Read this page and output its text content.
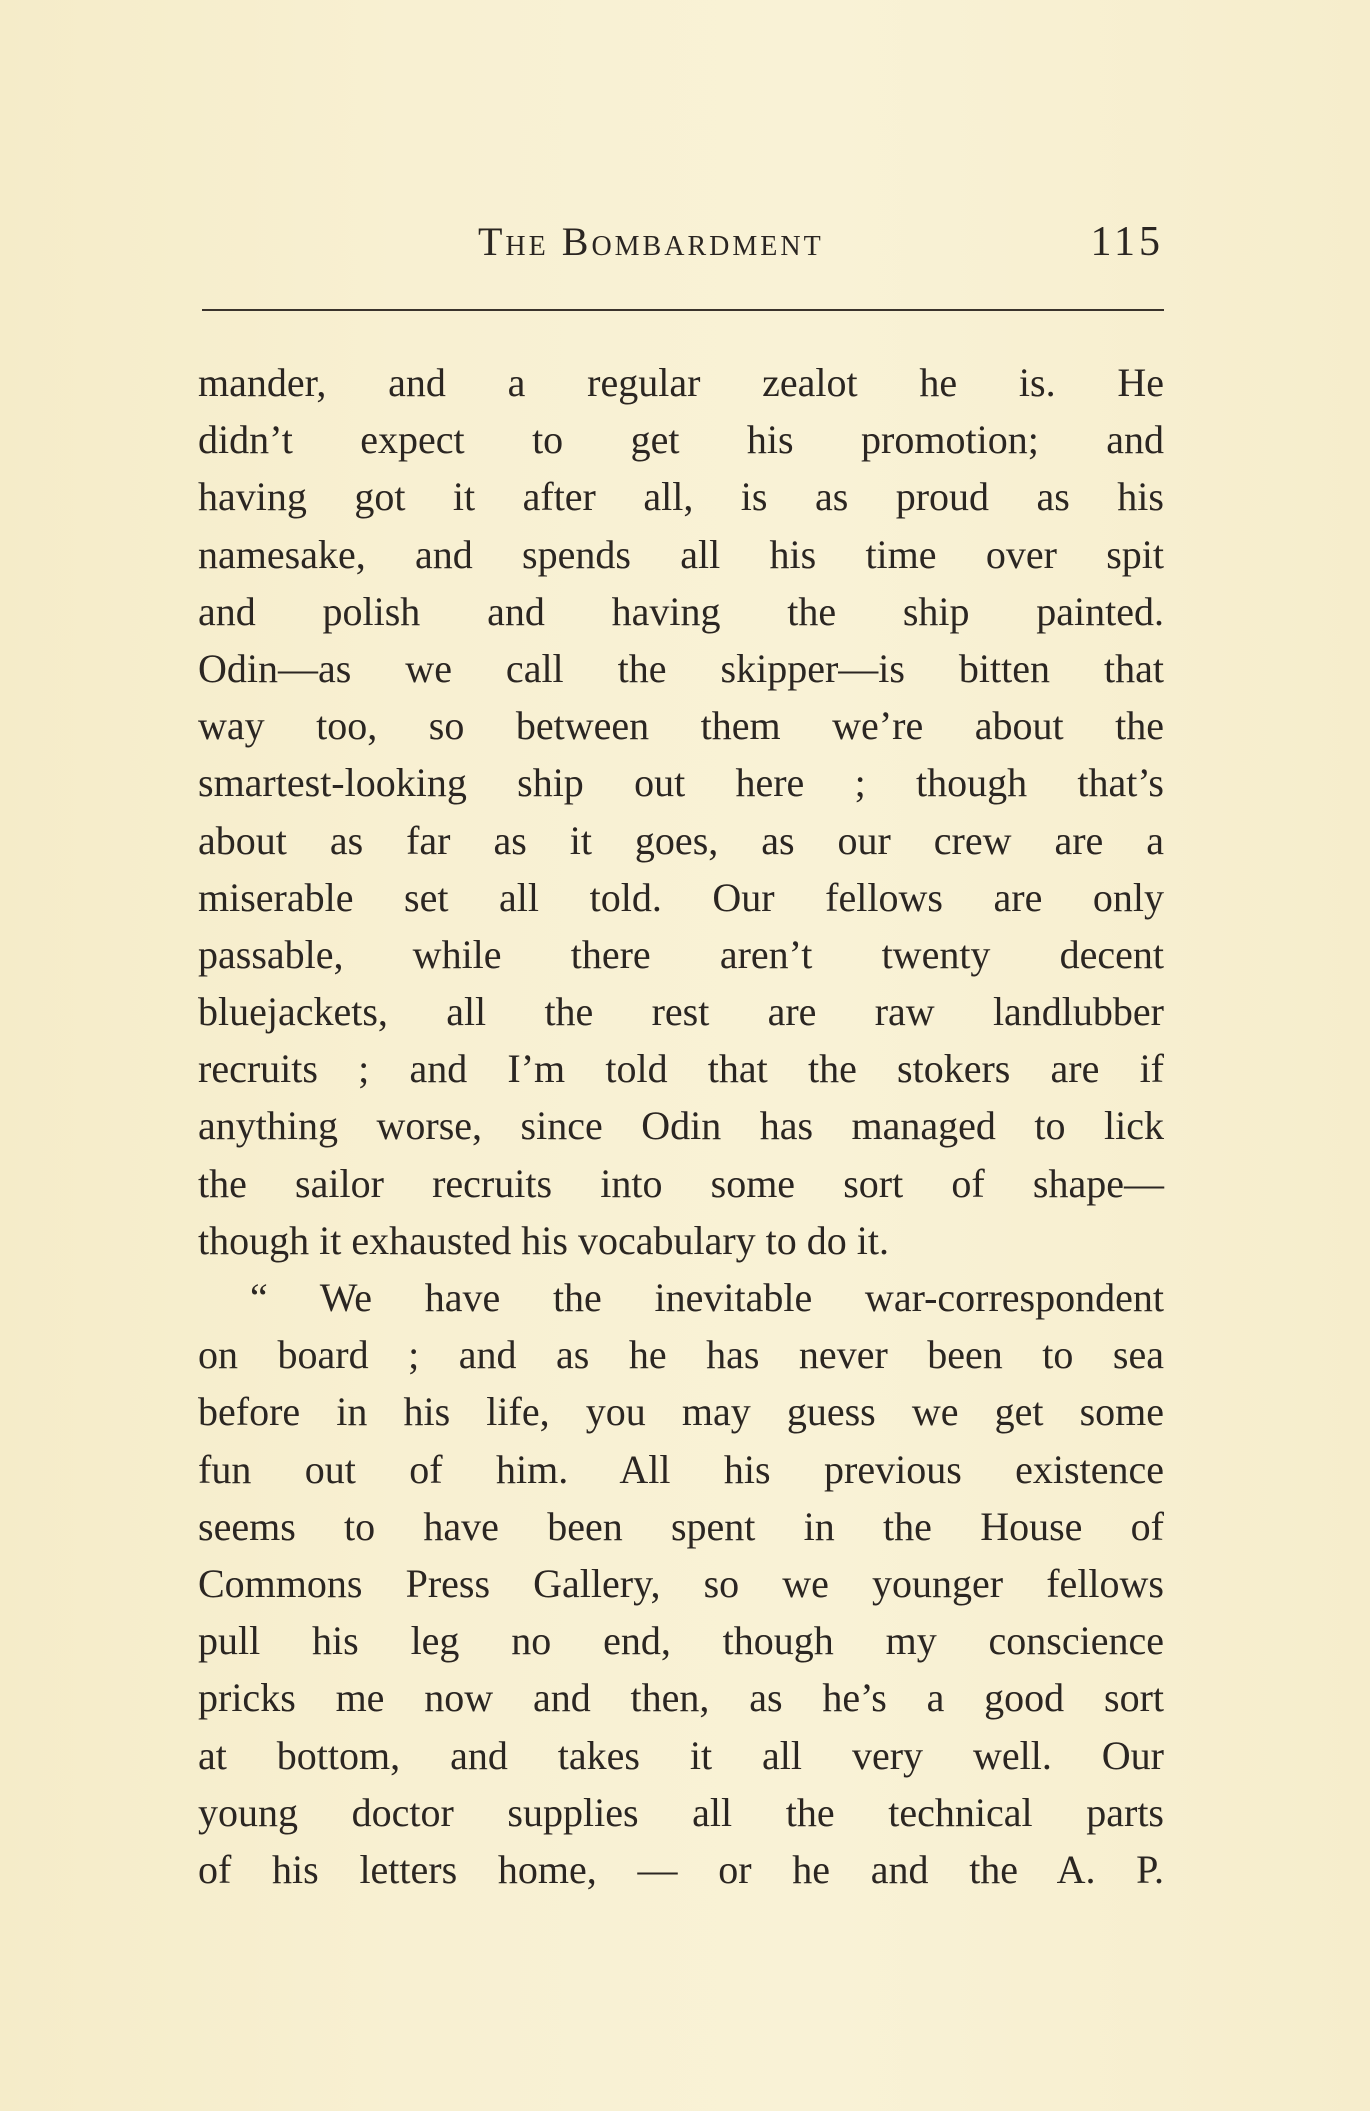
The Bombardment	115
mander, and a regular zealot he is. He
didn’t expect to get his promotion; and
having got it after all, is as proud as his
namesake, and spends all his time over spit
and polish and having the ship painted.
Odin—as we call the skipper—is bitten that
way too, so between them we’re about the
smartest-looking ship out here ; though that’s
about as far as it goes, as our crew are a
miserable set all told. Our fellows are only
passable, while there aren’t twenty decent
bluejackets, all the rest are raw landlubber
recruits ; and I’m told that the stokers are if
anything worse, since Odin has managed to lick
the sailor recruits into some sort of shape—
though it exhausted his vocabulary to do it.
“ We have the inevitable war-correspondent
on board ; and as he has never been to sea
before in his life, you may guess we get some
fun out of him. All his previous existence
seems to have been spent in the House of
Commons Press Gallery, so we younger fellows
pull his leg no end, though my conscience
pricks me now and then, as he’s a good sort
at bottom, and takes it all very well. Our
young doctor supplies all the technical parts
of his letters home, — or he and the A. P.
